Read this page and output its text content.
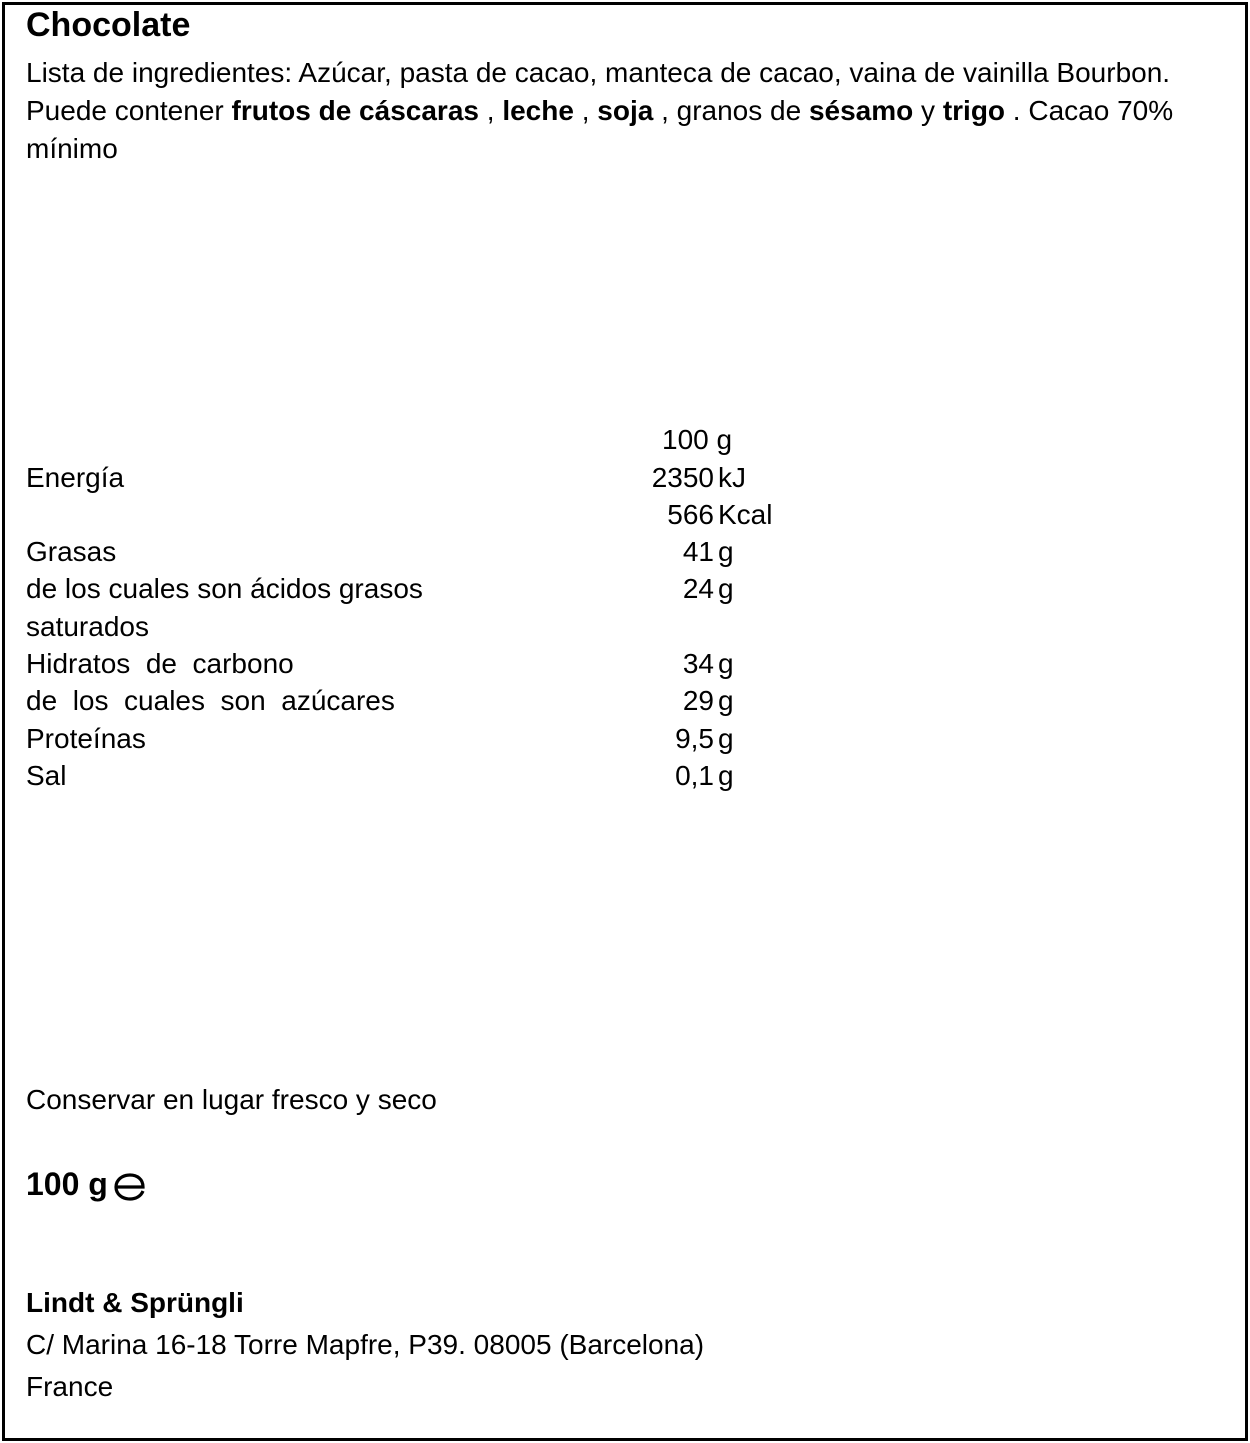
Chocolate
Lista de ingredientes: Azúcar, pasta de cacao, manteca de cacao, vaina de vainilla Bourbon. Puede contener frutos de cáscaras , leche , soja , granos de sésamo y trigo . Cacao 70% mínimo
100 g
Energía	2350 kJ
566 Kcal
Grasas	41 g
de los cuales son ácidos grasos	24 g
saturados
Hidratos  de  carbono	34 g
de  los  cuales  son  azúcares	29 g
Proteínas	9,5 g
Sal	0,1 g
Conservar en lugar fresco y seco
100 g
Lindt & Sprüngli
C/ Marina 16-18 Torre Mapfre, P39. 08005 (Barcelona)
France
